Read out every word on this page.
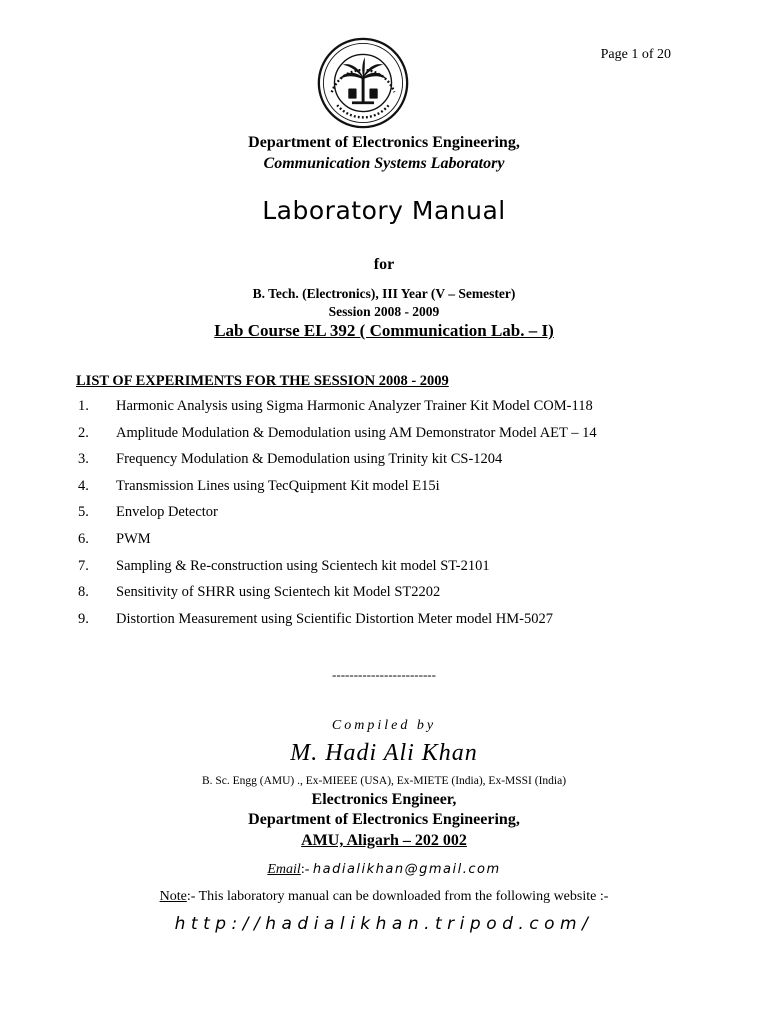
Page 1 of 20
Department of Electronics Engineering,
Communication Systems Laboratory
Laboratory Manual
for
B. Tech. (Electronics), III Year (V – Semester)
Session 2008 - 2009
Lab Course EL 392 ( Communication Lab. – I)
LIST OF EXPERIMENTS FOR THE SESSION 2008 - 2009
1. Harmonic Analysis using Sigma Harmonic Analyzer Trainer Kit Model COM-118
2. Amplitude Modulation & Demodulation using AM Demonstrator Model AET – 14
3. Frequency Modulation & Demodulation using Trinity kit CS-1204
4. Transmission Lines using TecQuipment Kit model E15i
5. Envelop Detector
6. PWM
7. Sampling & Re-construction using Scientech kit model ST-2101
8. Sensitivity of SHRR using Scientech kit Model ST2202
9. Distortion Measurement using Scientific Distortion Meter model HM-5027
------------------------
Compiled by
M. Hadi Ali Khan
B. Sc. Engg (AMU) ., Ex-MIEEE (USA), Ex-MIETE (India), Ex-MSSI (India)
Electronics Engineer,
Department of Electronics Engineering,
AMU, Aligarh – 202 002
Email:- hadialikhan@gmail.com
Note:- This laboratory manual can be downloaded from the following website :-
http://hadialikhan.tripod.com/
